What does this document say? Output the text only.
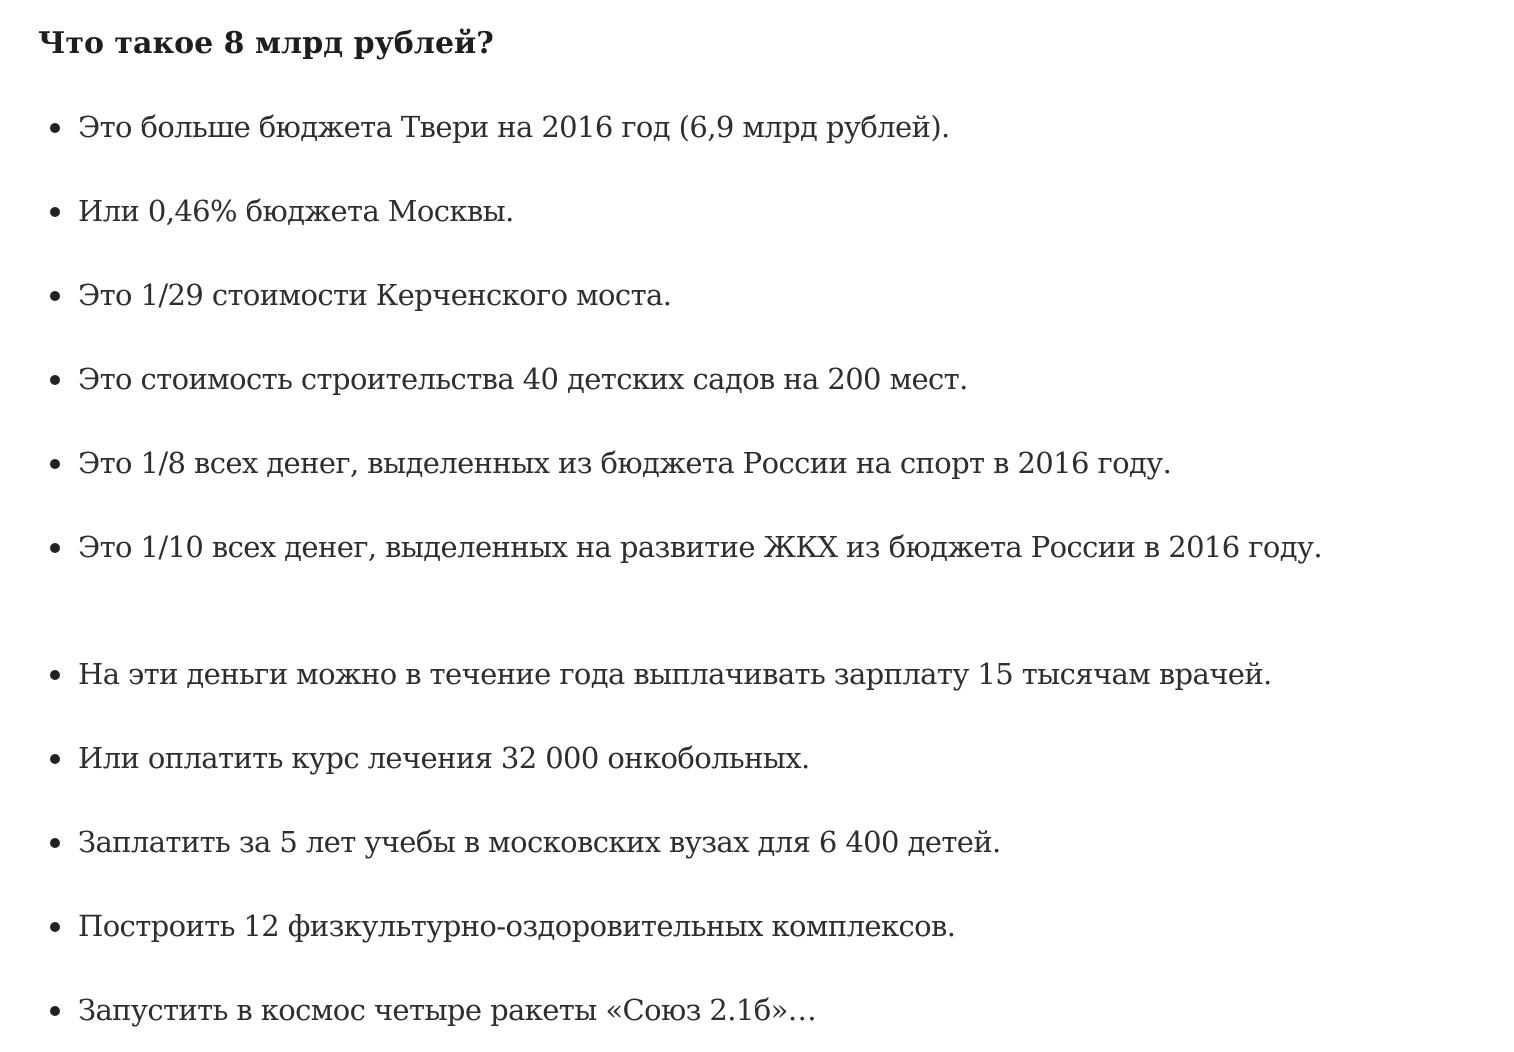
Что такое 8 млрд рублей?
Это больше бюджета Твери на 2016 год (6,9 млрд рублей).
Или 0,46% бюджета Москвы.
Это 1/29 стоимости Керченского моста.
Это стоимость строительства 40 детских садов на 200 мест.
Это 1/8 всех денег, выделенных из бюджета России на спорт в 2016 году.
Это 1/10 всех денег, выделенных на развитие ЖКХ из бюджета России в 2016 году.
На эти деньги можно в течение года выплачивать зарплату 15 тысячам врачей.
Или оплатить курс лечения 32 000 онкобольных.
Заплатить за 5 лет учебы в московских вузах для 6 400 детей.
Построить 12 физкультурно-оздоровительных комплексов.
Запустить в космос четыре ракеты «Союз 2.1б»…
